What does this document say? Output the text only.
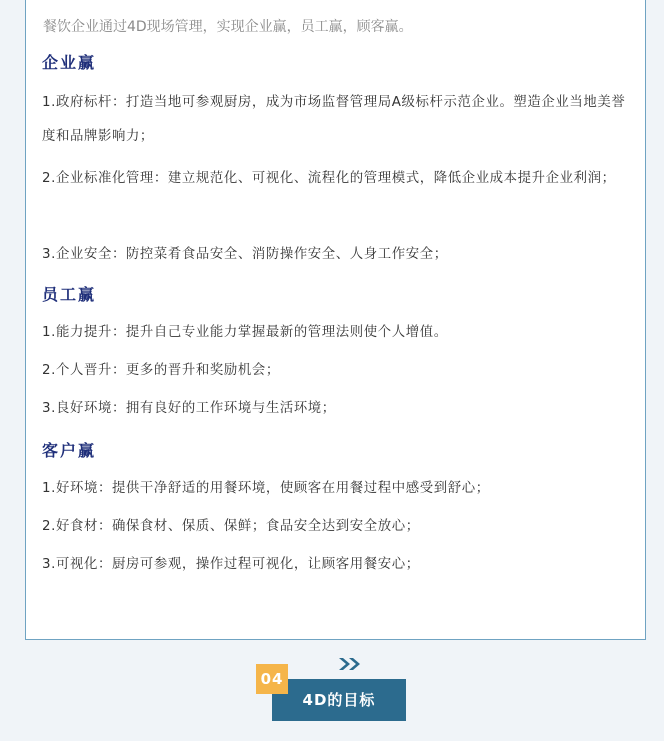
餐饮企业通过4D现场管理，实现企业赢，员工赢，顾客赢。
企业赢
1.政府标杆：打造当地可参观厨房，成为市场监督管理局A级标杆示范企业。塑造企业当地美誉度和品牌影响力；
2.企业标准化管理：建立规范化、可视化、流程化的管理模式，降低企业成本提升企业利润；
3.企业安全：防控菜肴食品安全、消防操作安全、人身工作安全；
员工赢
1.能力提升：提升自己专业能力掌握最新的管理法则使个人增值。
2.个人晋升：更多的晋升和奖励机会；
3.良好环境：拥有良好的工作环境与生活环境；
客户赢
1.好环境：提供干净舒适的用餐环境，使顾客在用餐过程中感受到舒心；
2.好食材：确保食材、保质、保鲜；食品安全达到安全放心；
3.可视化：厨房可参观，操作过程可视化，让顾客用餐安心；
4D的目标
04
